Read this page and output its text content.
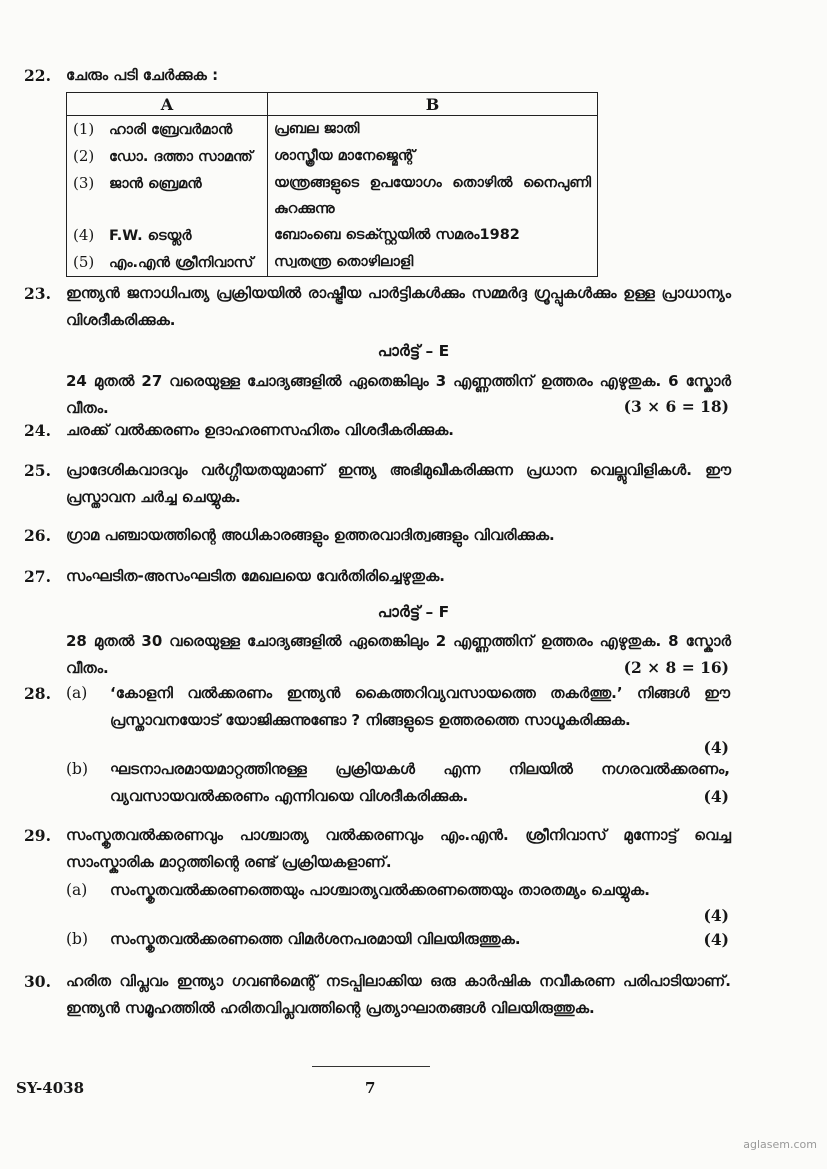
22. ചേരും പടി ചേർക്കുക :
A	B
(1) ഹാരി ബ്രേവർമാൻ	പ്രബല ജാതി
(2) ഡോ. ദത്താ സാമന്ത്	ശാസ്ത്രീയ മാനേജ്മെന്റ്
(3) ജാൻ ബ്രെമൻ	യന്ത്രങ്ങളുടെ ഉപയോഗം തൊഴിൽ നൈപുണി കുറക്കുന്നു
(4) F.W. ടെയ്ലർ	ബോംബെ ടെക്സ്റ്റയിൽ സമരം1982
(5) എം.എൻ ശ്രീനിവാസ്	സ്വതന്ത്ര തൊഴിലാളി
23. ഇന്ത്യൻ ജനാധിപത്യ പ്രക്രിയയിൽ രാഷ്ട്രീയ പാർട്ടികൾക്കും സമ്മർദ്ദ ഗ്രൂപ്പുകൾക്കും ഉള്ള പ്രാധാന്യം വിശദീകരിക്കുക.
പാർട്ട് – E
24 മുതൽ 27 വരെയുള്ള ചോദ്യങ്ങളിൽ ഏതെങ്കിലും 3 എണ്ണത്തിന് ഉത്തരം എഴുതുക. 6 സ്കോർ വീതം.	(3 × 6 = 18)
24. ചരക്ക് വൽക്കരണം ഉദാഹരണസഹിതം വിശദീകരിക്കുക.
25. പ്രാദേശികവാദവും വർഗ്ഗീയതയുമാണ് ഇന്ത്യ അഭിമുഖീകരിക്കുന്ന പ്രധാന വെല്ലുവിളികൾ. ഈ പ്രസ്താവന ചർച്ച ചെയ്യുക.
26. ഗ്രാമ പഞ്ചായത്തിന്റെ അധികാരങ്ങളും ഉത്തരവാദിത്വങ്ങളും വിവരിക്കുക.
27. സംഘടിത-അസംഘടിത മേഖലയെ വേർതിരിച്ചെഴുതുക.
പാർട്ട് – F
28 മുതൽ 30 വരെയുള്ള ചോദ്യങ്ങളിൽ ഏതെങ്കിലും 2 എണ്ണത്തിന് ഉത്തരം എഴുതുക. 8 സ്കോർ വീതം.	(2 × 8 = 16)
28. (a) ‘കോളനി വൽക്കരണം ഇന്ത്യൻ കൈത്തറിവ്യവസായത്തെ തകർത്തു.’ നിങ്ങൾ ഈ പ്രസ്താവനയോട് യോജിക്കുന്നുണ്ടോ ? നിങ്ങളുടെ ഉത്തരത്തെ സാധൂകരിക്കുക.
(4)
(b) ഘടനാപരമായമാറ്റത്തിനുള്ള പ്രക്രിയകൾ എന്ന നിലയിൽ നഗരവൽക്കരണം, വ്യവസായവൽക്കരണം എന്നിവയെ വിശദീകരിക്കുക.	(4)
29. സംസ്കൃതവൽക്കരണവും പാശ്ചാത്യ വൽക്കരണവും എം.എൻ. ശ്രീനിവാസ് മുന്നോട്ട് വെച്ച സാംസ്കാരിക മാറ്റത്തിന്റെ രണ്ട് പ്രക്രിയകളാണ്.
(a) സംസ്കൃതവൽക്കരണത്തെയും പാശ്ചാത്യവൽക്കരണത്തെയും താരതമ്യം ചെയ്യുക.
(4)
(b) സംസ്കൃതവൽക്കരണത്തെ വിമർശനപരമായി വിലയിരുത്തുക.	(4)
30. ഹരിത വിപ്ലവം ഇന്ത്യാ ഗവൺമെന്റ് നടപ്പിലാക്കിയ ഒരു കാർഷിക നവീകരണ പരിപാടിയാണ്. ഇന്ത്യൻ സമൂഹത്തിൽ ഹരിതവിപ്ലവത്തിന്റെ പ്രത്യാഘാതങ്ങൾ വിലയിരുത്തുക.
SY-4038	7
aglasem.com
